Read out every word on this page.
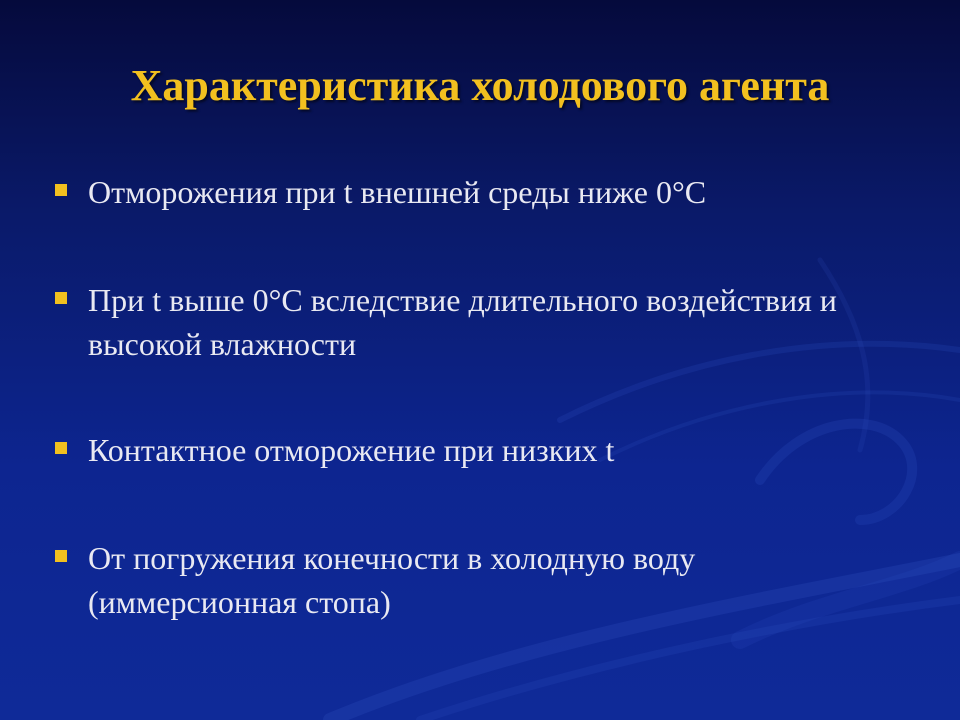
Характеристика холодового агента
Отморожения при t внешней среды ниже 0°С
При t выше 0°С вследствие длительного воздействия и высокой влажности
Контактное отморожение при низких t
От погружения конечности в холодную воду (иммерсионная стопа)
